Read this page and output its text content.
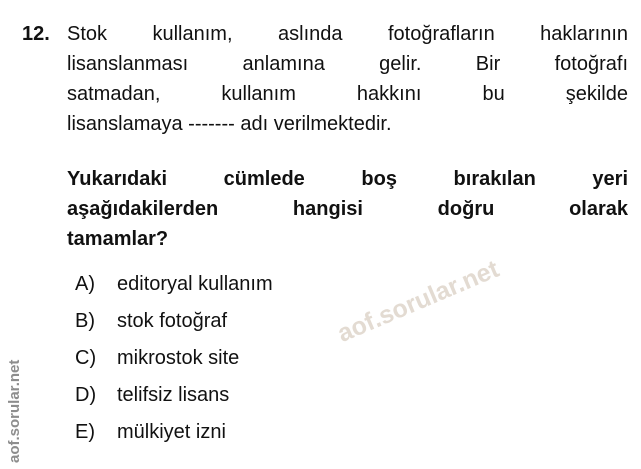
12. Stok kullanım, aslında fotoğrafların haklarının
lisanslanması anlamına gelir. Bir fotoğrafı
satmadan, kullanım hakkını bu şekilde
lisanslamaya ------- adı verilmektedir.
Yukarıdaki cümlede boş bırakılan yeri
aşağıdakilerden hangisi doğru olarak
tamamlar?
A)	editoryal kullanım
B)	stok fotoğraf
C)	mikrostok site
D)	telifsiz lisans
E)	mülkiyet izni
aof.sorular.net
aof.sorular.net
